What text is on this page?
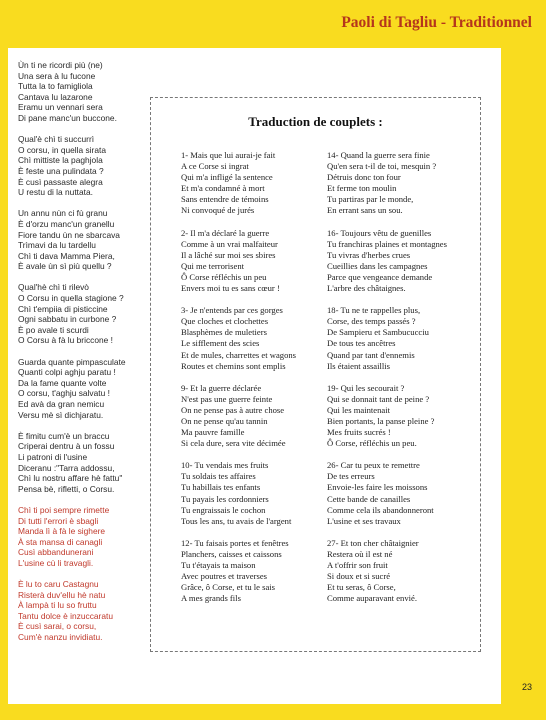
Paoli di Tagliu - Traditionnel
Ùn ti ne ricordi più (ne)
Una sera à lu fucone
Tutta la to famigliola
Cantava lu lazarone
Eramu un vennari sera
Di pane manc'un buccone.
Qual'è chì ti succurrì
O corsu, in quella sirata
Chì mittiste la paghjola
È feste una pulindata ?
È cusì passaste alegra
U restu di la nuttata.
Un annu nùn ci fù granu
È d'orzu manc'un granellu
Fiore tandu ùn ne sbarcava
Trìmavi da lu tardellu
Chì ti dava Mamma Piera,
È avale ùn sì più quellu ?
Qual'hè chì ti rilevò
O Corsu in quella stagione ?
Chì t'empiia di pisticcine
Ogni sabbatu in curbone ?
È po avale ti scurdi
O Corsu à fà lu briccone !
Guarda quante pimpasculate
Quanti colpi aghju paratu !
Da la fame quante volte
O corsu, t'aghju salvatu !
Ed avà da gran nemicu
Versu mè sì dichjaratu.
È fimitu cum'è un braccu
Criperai dentru à un fossu
Li patroni di l'usine
Diceranu :"Tarra addossu,
Chì lu nostru affare hè fattu"
Pensa bè, rifletti, o Corsu.
Chì ti poi sempre rimette
Di tutti l'errori è sbagli
Manda lì à fà le sighere
À sta mansa di canagli
Cusì abbandunerani
L'usine cù li travagli.
È lu to caru Castagnu
Risterà duv'ellu hè natu
À lampà ti lu so fruttu
Tantu dolce è inzuccaratu
È cusì sarai, o corsu,
Cum'è nanzu invidiatu.
Traduction de couplets :
1- Mais que lui aurai-je fait
A ce Corse si ingrat
Qui m'a infligé la sentence
Et m'a condamné à mort
Sans entendre de témoins
Ni convoqué de jurés
2- Il m'a déclaré la guerre
Comme à un vrai malfaiteur
Il a lâché sur moi ses sbires
Qui me terrorisent
Ô Corse réfléchis un peu
Envers moi tu es sans cœur !
3- Je n'entends par ces gorges
Que cloches et clochettes
Blasphèmes de muletiers
Le sifflement des scies
Et de mules, charrettes et wagons
Routes et chemins sont emplis
9- Et la guerre déclarée
N'est pas une guerre feinte
On ne pense pas à autre chose
On ne pense qu'au tannin
Ma pauvre famille
Si cela dure, sera vite décimée
10- Tu vendais mes fruits
Tu soldais tes affaires
Tu habillais tes enfants
Tu payais les cordonniers
Tu engraissais le cochon
Tous les ans, tu avais de l'argent
12- Tu faisais portes et fenêtres
Planchers, caisses et caissons
Tu t'étayais ta maison
Avec poutres et traverses
Grâce, ô Corse, et tu le sais
A mes grands fils
14- Quand la guerre sera finie
Qu'en sera t-il de toi, mesquin ?
Détruis donc ton four
Et ferme ton moulin
Tu partiras par le monde,
En errant sans un sou.
16- Toujours vêtu de guenilles
Tu franchiras plaines et montagnes
Tu vivras d'herbes crues
Cueillies dans les campagnes
Parce que vengeance demande
L'arbre des châtaignes.
18- Tu ne te rappelles plus,
Corse, des temps passés ?
De Sampieru et Sambucucciu
De tous tes ancêtres
Quand par tant d'ennemis
Ils étaient assaillis
19- Qui les secourait ?
Qui se donnait tant de peine ?
Qui les maintenait
Bien portants, la panse pleine ?
Mes fruits sucrés !
Ô Corse, réfléchis un peu.
26- Car tu peux te remettre
De tes erreurs
Envoie-les faire les moissons
Cette bande de canailles
Comme cela ils abandonneront
L'usine et ses travaux
27- Et ton cher châtaignier
Restera où il est né
A t'offrir son fruit
Si doux et si sucré
Et tu seras, ô Corse,
Comme auparavant envié.
23
